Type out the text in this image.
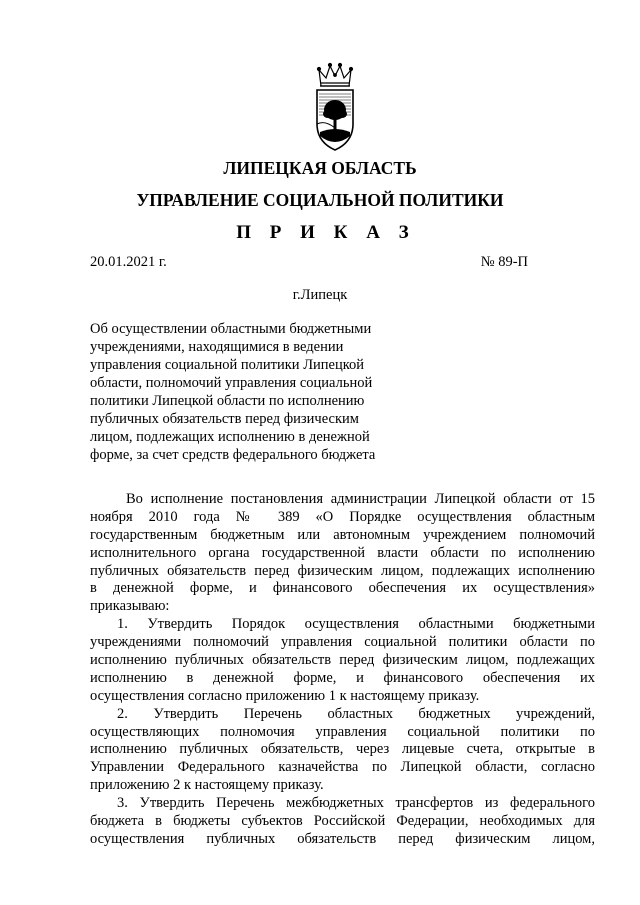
ЛИПЕЦКАЯ ОБЛАСТЬ
УПРАВЛЕНИЕ СОЦИАЛЬНОЙ ПОЛИТИКИ
П Р И К А З
20.01.2021 г.	№ 89-П
г.Липецк
Об осуществлении областными бюджетными
учреждениями, находящимися в ведении
управления социальной политики Липецкой
области, полномочий управления социальной
политики Липецкой области по исполнению
публичных обязательств перед физическим
лицом, подлежащих исполнению в денежной
форме, за счет средств федерального бюджета
Во исполнение постановления администрации Липецкой области от 15
ноября 2010 года № 389 «О Порядке осуществления областным
государственным бюджетным или автономным учреждением полномочий
исполнительного органа государственной власти области по исполнению
публичных обязательств перед физическим лицом, подлежащих исполнению
в денежной форме, и финансового обеспечения их осуществления»
приказываю:
1. Утвердить Порядок осуществления областными бюджетными
учреждениями полномочий управления социальной политики области по
исполнению публичных обязательств перед физическим лицом, подлежащих
исполнению в денежной форме, и финансового обеспечения их
осуществления согласно приложению 1 к настоящему приказу.
2. Утвердить Перечень областных бюджетных учреждений,
осуществляющих полномочия управления социальной политики по
исполнению публичных обязательств, через лицевые счета, открытые в
Управлении Федерального казначейства по Липецкой области, согласно
приложению 2 к настоящему приказу.
3. Утвердить Перечень межбюджетных трансфертов из федерального
бюджета в бюджеты субъектов Российской Федерации, необходимых для
осуществления публичных обязательств перед физическим лицом,
